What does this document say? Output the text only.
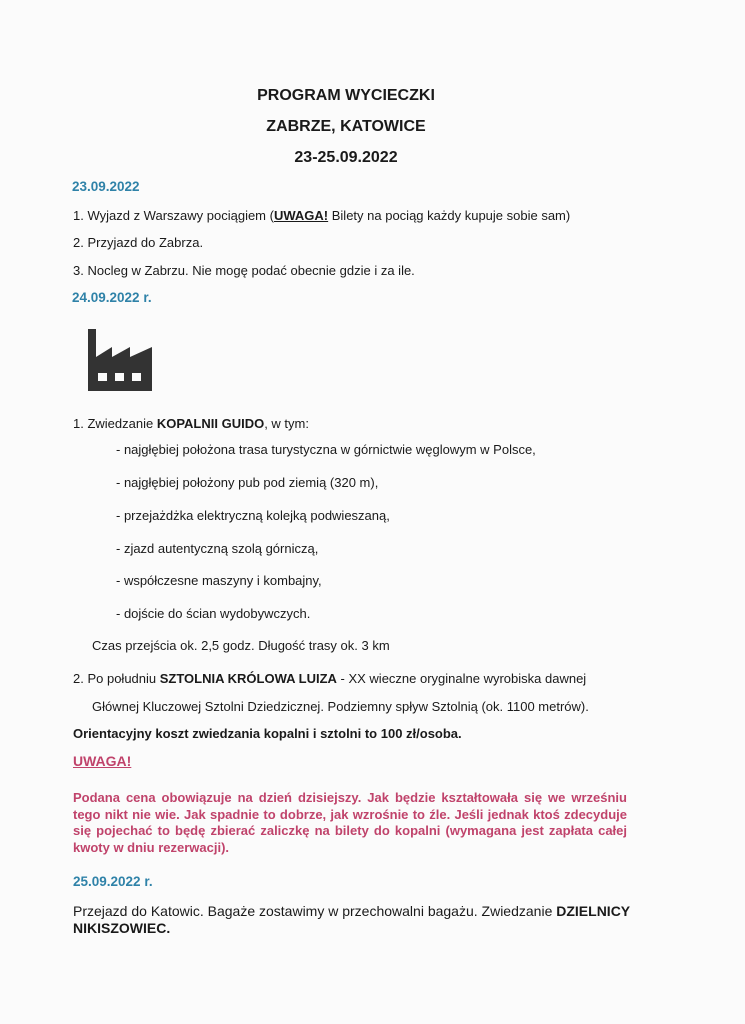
PROGRAM WYCIECZKI
ZABRZE, KATOWICE
23-25.09.2022
23.09.2022
1. Wyjazd z Warszawy pociągiem (UWAGA! Bilety na pociąg każdy kupuje sobie sam)
2. Przyjazd do Zabrza.
3. Nocleg w Zabrzu. Nie mogę podać obecnie gdzie i za ile.
24.09.2022 r.
1. Zwiedzanie KOPALNII GUIDO, w tym:
- najgłębiej położona trasa turystyczna w górnictwie węglowym w Polsce,
- najgłębiej położony pub pod ziemią (320 m),
- przejażdżka elektryczną kolejką podwieszaną,
- zjazd autentyczną szolą górniczą,
- współczesne maszyny i kombajny,
- dojście do ścian wydobywczych.
Czas przejścia ok. 2,5 godz. Długość trasy ok. 3 km
2. Po południu SZTOLNIA KRÓLOWA LUIZA - XX wieczne oryginalne wyrobiska dawnej
Głównej Kluczowej Sztolni Dziedzicznej. Podziemny spływ Sztolnią (ok. 1100 metrów).
Orientacyjny koszt zwiedzania kopalni i sztolni to 100 zł/osoba.
UWAGA!
Podana cena obowiązuje na dzień dzisiejszy. Jak będzie kształtowała się we wrześniu tego nikt nie wie. Jak spadnie to dobrze, jak wzrośnie to źle. Jeśli jednak ktoś zdecyduje się pojechać to będę zbierać zaliczkę na bilety do kopalni (wymagana jest zapłata całej kwoty w dniu rezerwacji).
25.09.2022 r.
Przejazd do Katowic. Bagaże zostawimy w przechowalni bagażu. Zwiedzanie DZIELNICY
NIKISZOWIEC.
